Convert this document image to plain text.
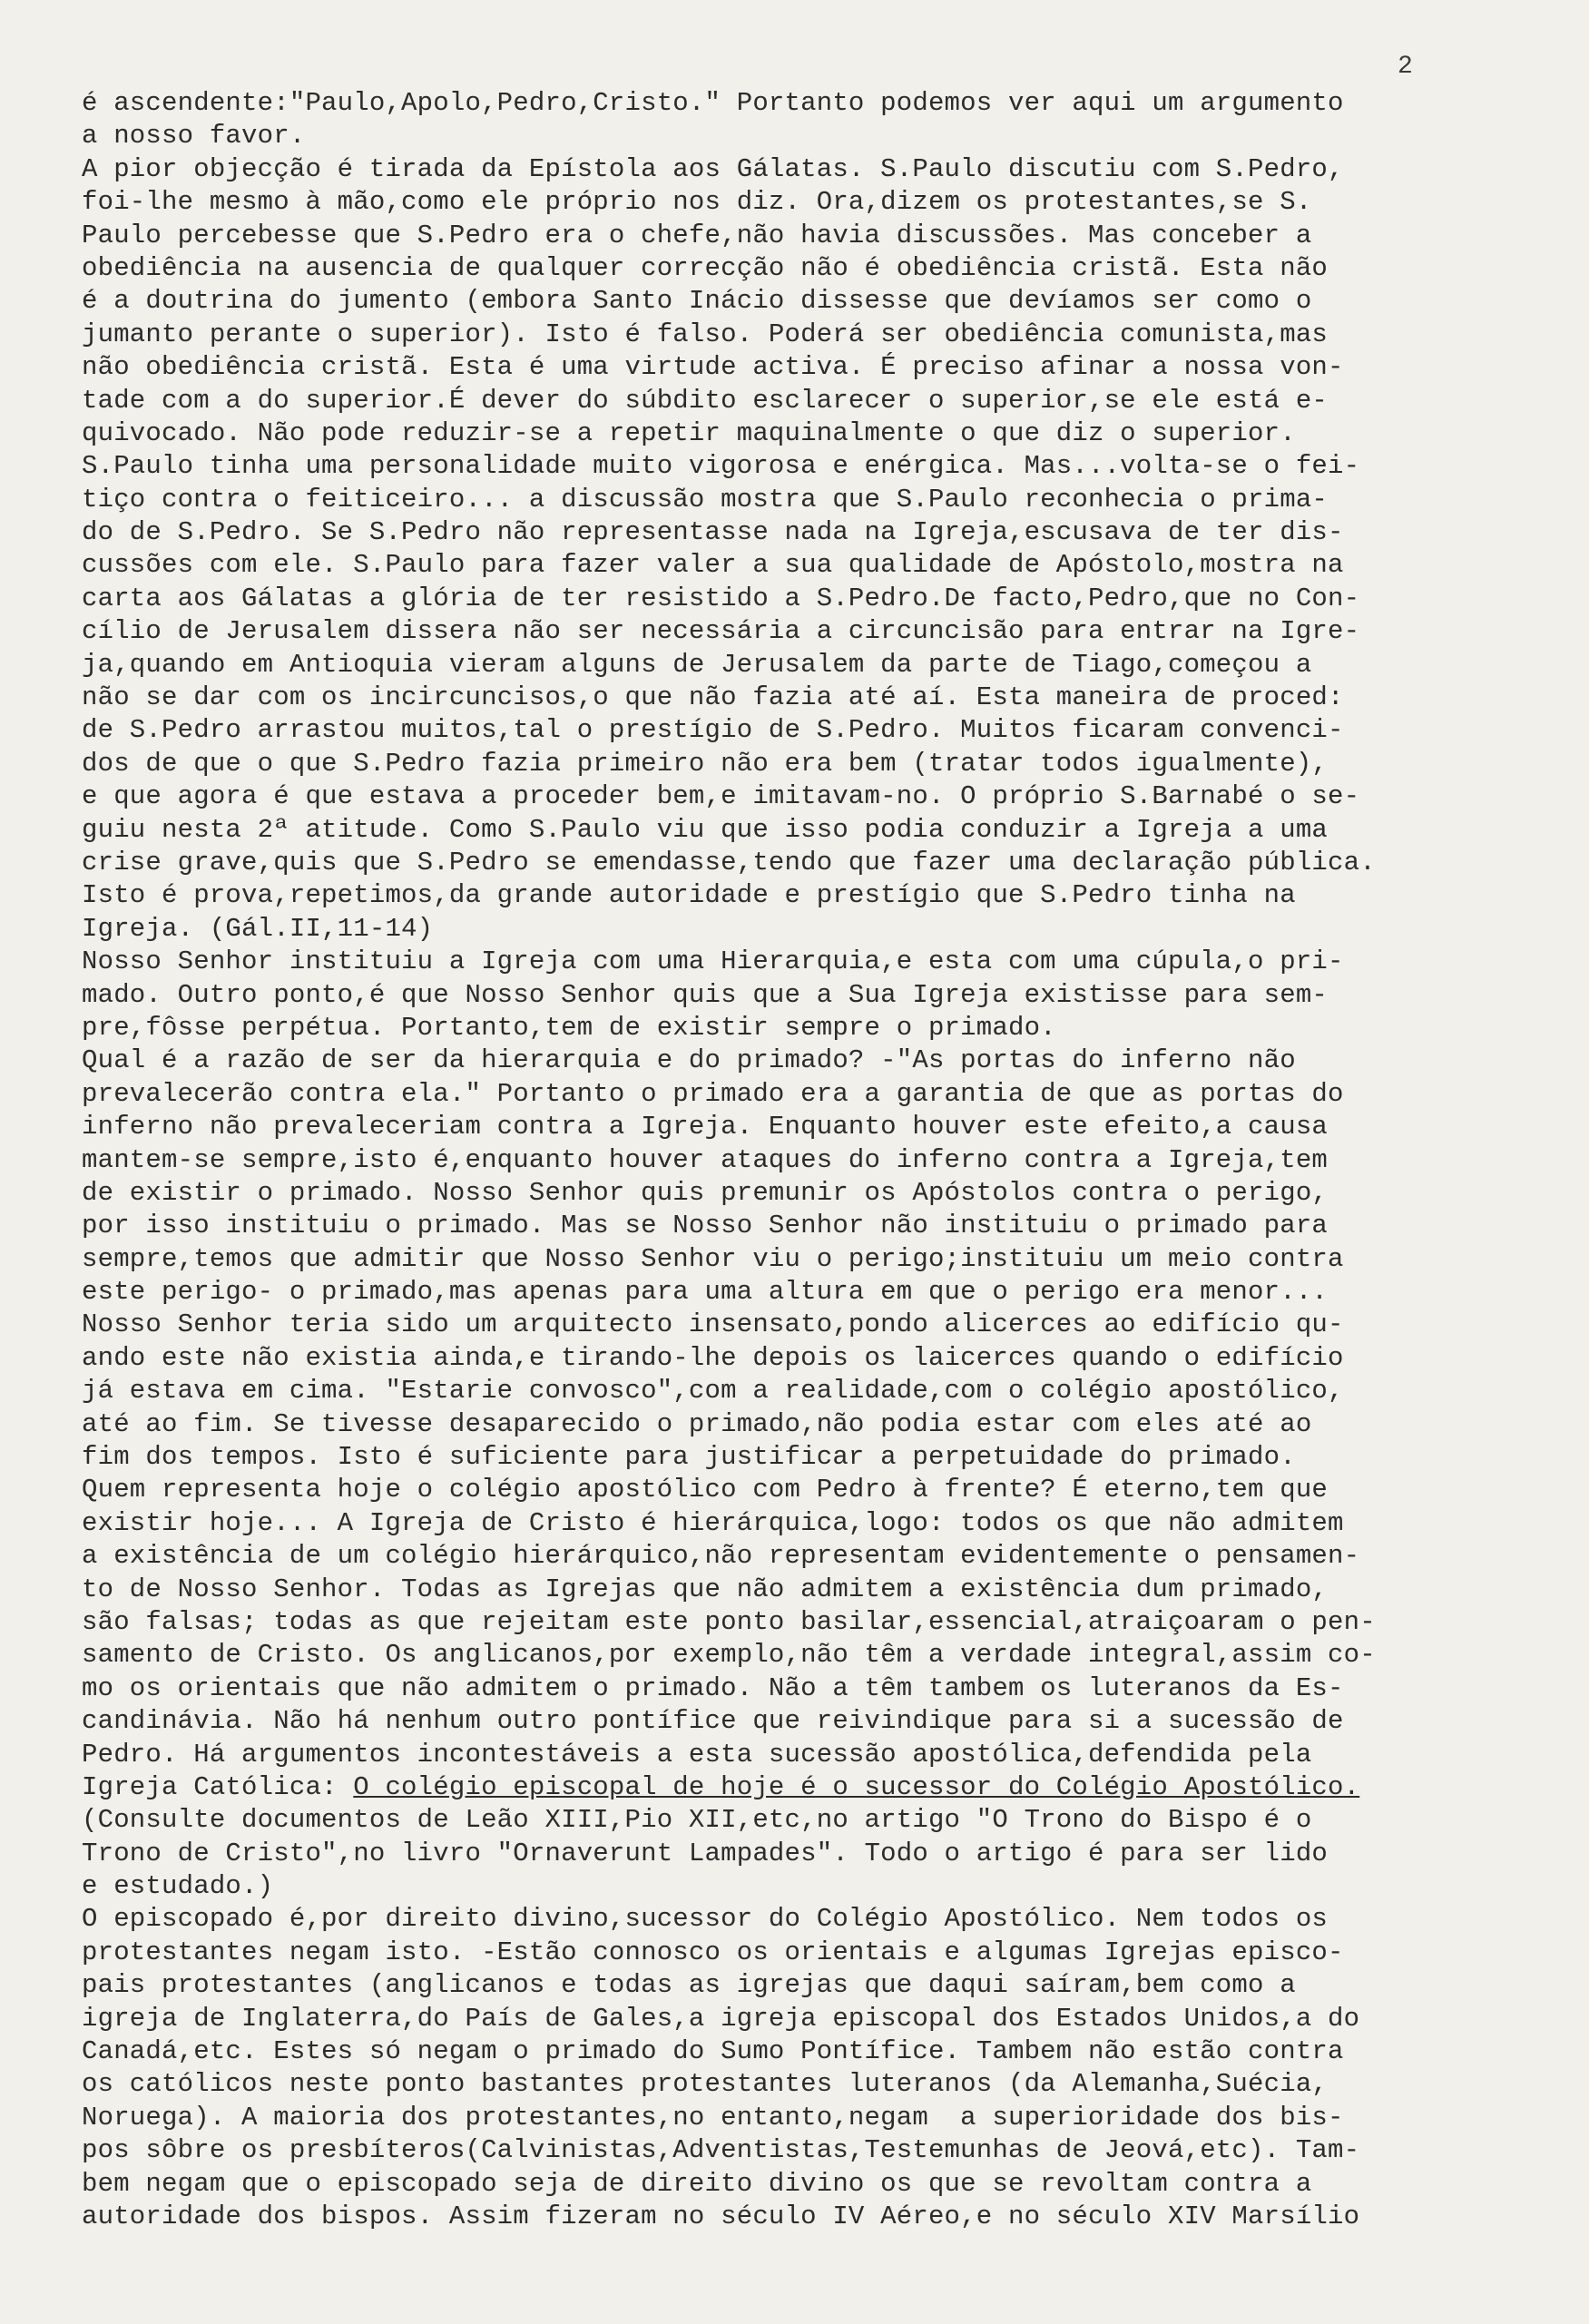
2
é ascendente:"Paulo,Apolo,Pedro,Cristo." Portanto podemos ver aqui um argumento
a nosso favor.
A pior objecção é tirada da Epístola aos Gálatas. S.Paulo discutiu com S.Pedro,
foi-lhe mesmo à mão,como ele próprio nos diz. Ora,dizem os protestantes,se S.
Paulo percebesse que S.Pedro era o chefe,não havia discussões. Mas conceber a
obediência na ausencia de qualquer correcção não é obediência cristã. Esta não
é a doutrina do jumento (embora Santo Inácio dissesse que devíamos ser como o
jumanto perante o superior). Isto é falso. Poderá ser obediência comunista,mas
não obediência cristã. Esta é uma virtude activa. É preciso afinar a nossa von-
tade com a do superior.É dever do súbdito esclarecer o superior,se ele está e-
quivocado. Não pode reduzir-se a repetir maquinalmente o que diz o superior.
S.Paulo tinha uma personalidade muito vigorosa e enérgica. Mas...volta-se o fei-
tiço contra o feiticeiro... a discussão mostra que S.Paulo reconhecia o prima-
do de S.Pedro. Se S.Pedro não representasse nada na Igreja,escusava de ter dis-
cussões com ele. S.Paulo para fazer valer a sua qualidade de Apóstolo,mostra na
carta aos Gálatas a glória de ter resistido a S.Pedro.De facto,Pedro,que no Con-
cílio de Jerusalem dissera não ser necessária a circuncisão para entrar na Igre-
ja,quando em Antioquia vieram alguns de Jerusalem da parte de Tiago,começou a
não se dar com os incircuncisos,o que não fazia até aí. Esta maneira de proced:
de S.Pedro arrastou muitos,tal o prestígio de S.Pedro. Muitos ficaram convenci-
dos de que o que S.Pedro fazia primeiro não era bem (tratar todos igualmente),
e que agora é que estava a proceder bem,e imitavam-no. O próprio S.Barnabé o se-
guiu nesta 2ª atitude. Como S.Paulo viu que isso podia conduzir a Igreja a uma
crise grave,quis que S.Pedro se emendasse,tendo que fazer uma declaração pública.
Isto é prova,repetimos,da grande autoridade e prestígio que S.Pedro tinha na
Igreja. (Gál.II,11-14)
Nosso Senhor instituiu a Igreja com uma Hierarquia,e esta com uma cúpula,o pri-
mado. Outro ponto,é que Nosso Senhor quis que a Sua Igreja existisse para sem-
pre,fôsse perpétua. Portanto,tem de existir sempre o primado.
Qual é a razão de ser da hierarquia e do primado? -"As portas do inferno não
prevalecerão contra ela." Portanto o primado era a garantia de que as portas do
inferno não prevaleceriam contra a Igreja. Enquanto houver este efeito,a causa
mantem-se sempre,isto é,enquanto houver ataques do inferno contra a Igreja,tem
de existir o primado. Nosso Senhor quis premunir os Apóstolos contra o perigo,
por isso instituiu o primado. Mas se Nosso Senhor não instituiu o primado para
sempre,temos que admitir que Nosso Senhor viu o perigo;instituiu um meio contra
este perigo- o primado,mas apenas para uma altura em que o perigo era menor...
Nosso Senhor teria sido um arquitecto insensato,pondo alicerces ao edifício qu-
ando este não existia ainda,e tirando-lhe depois os laicerces quando o edifício
já estava em cima. "Estarie convosco",com a realidade,com o colégio apostólico,
até ao fim. Se tivesse desaparecido o primado,não podia estar com eles até ao
fim dos tempos. Isto é suficiente para justificar a perpetuidade do primado.
Quem representa hoje o colégio apostólico com Pedro à frente? É eterno,tem que
existir hoje... A Igreja de Cristo é hierárquica,logo: todos os que não admitem
a existência de um colégio hierárquico,não representam evidentemente o pensamen-
to de Nosso Senhor. Todas as Igrejas que não admitem a existência dum primado,
são falsas; todas as que rejeitam este ponto basilar,essencial,atraiçoaram o pen-
samento de Cristo. Os anglicanos,por exemplo,não têm a verdade integral,assim co-
mo os orientais que não admitem o primado. Não a têm tambem os luteranos da Es-
candinávia. Não há nenhum outro pontífice que reivindique para si a sucessão de
Pedro. Há argumentos incontestáveis a esta sucessão apostólica,defendida pela
Igreja Católica: O colégio episcopal de hoje é o sucessor do Colégio Apostólico.
(Consulte documentos de Leão XIII,Pio XII,etc,no artigo "O Trono do Bispo é o
Trono de Cristo",no livro "Ornaverunt Lampades". Todo o artigo é para ser lido
e estudado.)
O episcopado é,por direito divino,sucessor do Colégio Apostólico. Nem todos os
protestantes negam isto. -Estão connosco os orientais e algumas Igrejas episco-
pais protestantes (anglicanos e todas as igrejas que daqui saíram,bem como a
igreja de Inglaterra,do País de Gales,a igreja episcopal dos Estados Unidos,a do
Canadá,etc. Estes só negam o primado do Sumo Pontífice. Tambem não estão contra
os católicos neste ponto bastantes protestantes luteranos (da Alemanha,Suécia,
Noruega). A maioria dos protestantes,no entanto,negam  a superioridade dos bis-
pos sôbre os presbíteros(Calvinistas,Adventistas,Testemunhas de Jeová,etc). Tam-
bem negam que o episcopado seja de direito divino os que se revoltam contra a
autoridade dos bispos. Assim fizeram no século IV Aéreo,e no século XIV Marsílio
